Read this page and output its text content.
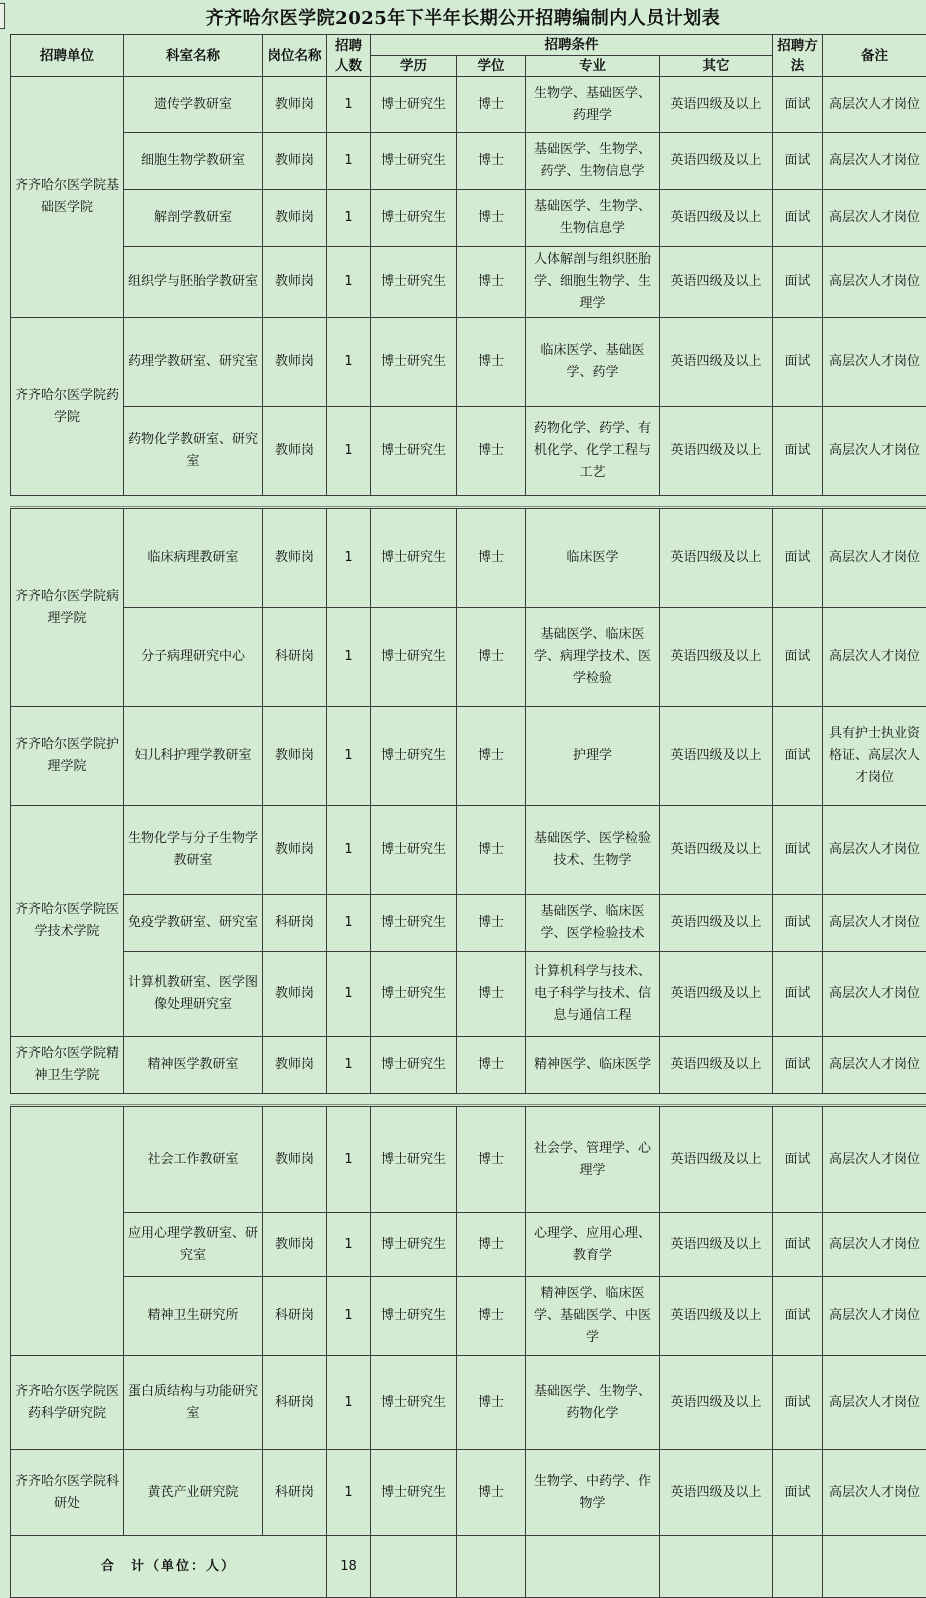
齐齐哈尔医学院2025年下半年长期公开招聘编制内人员计划表
招聘单位	科室名称	岗位名称	招聘人数	招聘条件				招聘方法	备注
				学历	学位	专业	其它		
齐齐哈尔医学院基础医学院	遗传学教研室	教师岗	1	博士研究生	博士	生物学、基础医学、药理学	英语四级及以上	面试	高层次人才岗位
	细胞生物学教研室	教师岗	1	博士研究生	博士	基础医学、生物学、药学、生物信息学	英语四级及以上	面试	高层次人才岗位
	解剖学教研室	教师岗	1	博士研究生	博士	基础医学、生物学、生物信息学	英语四级及以上	面试	高层次人才岗位
	组织学与胚胎学教研室	教师岗	1	博士研究生	博士	人体解剖与组织胚胎学、细胞生物学、生理学	英语四级及以上	面试	高层次人才岗位
齐齐哈尔医学院药学院	药理学教研室、研究室	教师岗	1	博士研究生	博士	临床医学、基础医学、药学	英语四级及以上	面试	高层次人才岗位
	药物化学教研室、研究室	教师岗	1	博士研究生	博士	药物化学、药学、有机化学、化学工程与工艺	英语四级及以上	面试	高层次人才岗位
齐齐哈尔医学院病理学院	临床病理教研室	教师岗	1	博士研究生	博士	临床医学	英语四级及以上	面试	高层次人才岗位
	分子病理研究中心	科研岗	1	博士研究生	博士	基础医学、临床医学、病理学技术、医学检验	英语四级及以上	面试	高层次人才岗位
齐齐哈尔医学院护理学院	妇儿科护理学教研室	教师岗	1	博士研究生	博士	护理学	英语四级及以上	面试	具有护士执业资格证、高层次人才岗位
齐齐哈尔医学院医学技术学院	生物化学与分子生物学教研室	教师岗	1	博士研究生	博士	基础医学、医学检验技术、生物学	英语四级及以上	面试	高层次人才岗位
	免疫学教研室、研究室	科研岗	1	博士研究生	博士	基础医学、临床医学、医学检验技术	英语四级及以上	面试	高层次人才岗位
	计算机教研室、医学图像处理研究室	教师岗	1	博士研究生	博士	计算机科学与技术、电子科学与技术、信息与通信工程	英语四级及以上	面试	高层次人才岗位
齐齐哈尔医学院精神卫生学院	精神医学教研室	教师岗	1	博士研究生	博士	精神医学、临床医学	英语四级及以上	面试	高层次人才岗位
	社会工作教研室	教师岗	1	博士研究生	博士	社会学、管理学、心理学	英语四级及以上	面试	高层次人才岗位
	应用心理学教研室、研究室	教师岗	1	博士研究生	博士	心理学、应用心理、教育学	英语四级及以上	面试	高层次人才岗位
	精神卫生研究所	科研岗	1	博士研究生	博士	精神医学、临床医学、基础医学、中医学	英语四级及以上	面试	高层次人才岗位
齐齐哈尔医学院医药科学研究院	蛋白质结构与功能研究室	科研岗	1	博士研究生	博士	基础医学、生物学、药物化学	英语四级及以上	面试	高层次人才岗位
齐齐哈尔医学院科研处	黄芪产业研究院	科研岗	1	博士研究生	博士	生物学、中药学、作物学	英语四级及以上	面试	高层次人才岗位
合　计（单位：人）			18						
